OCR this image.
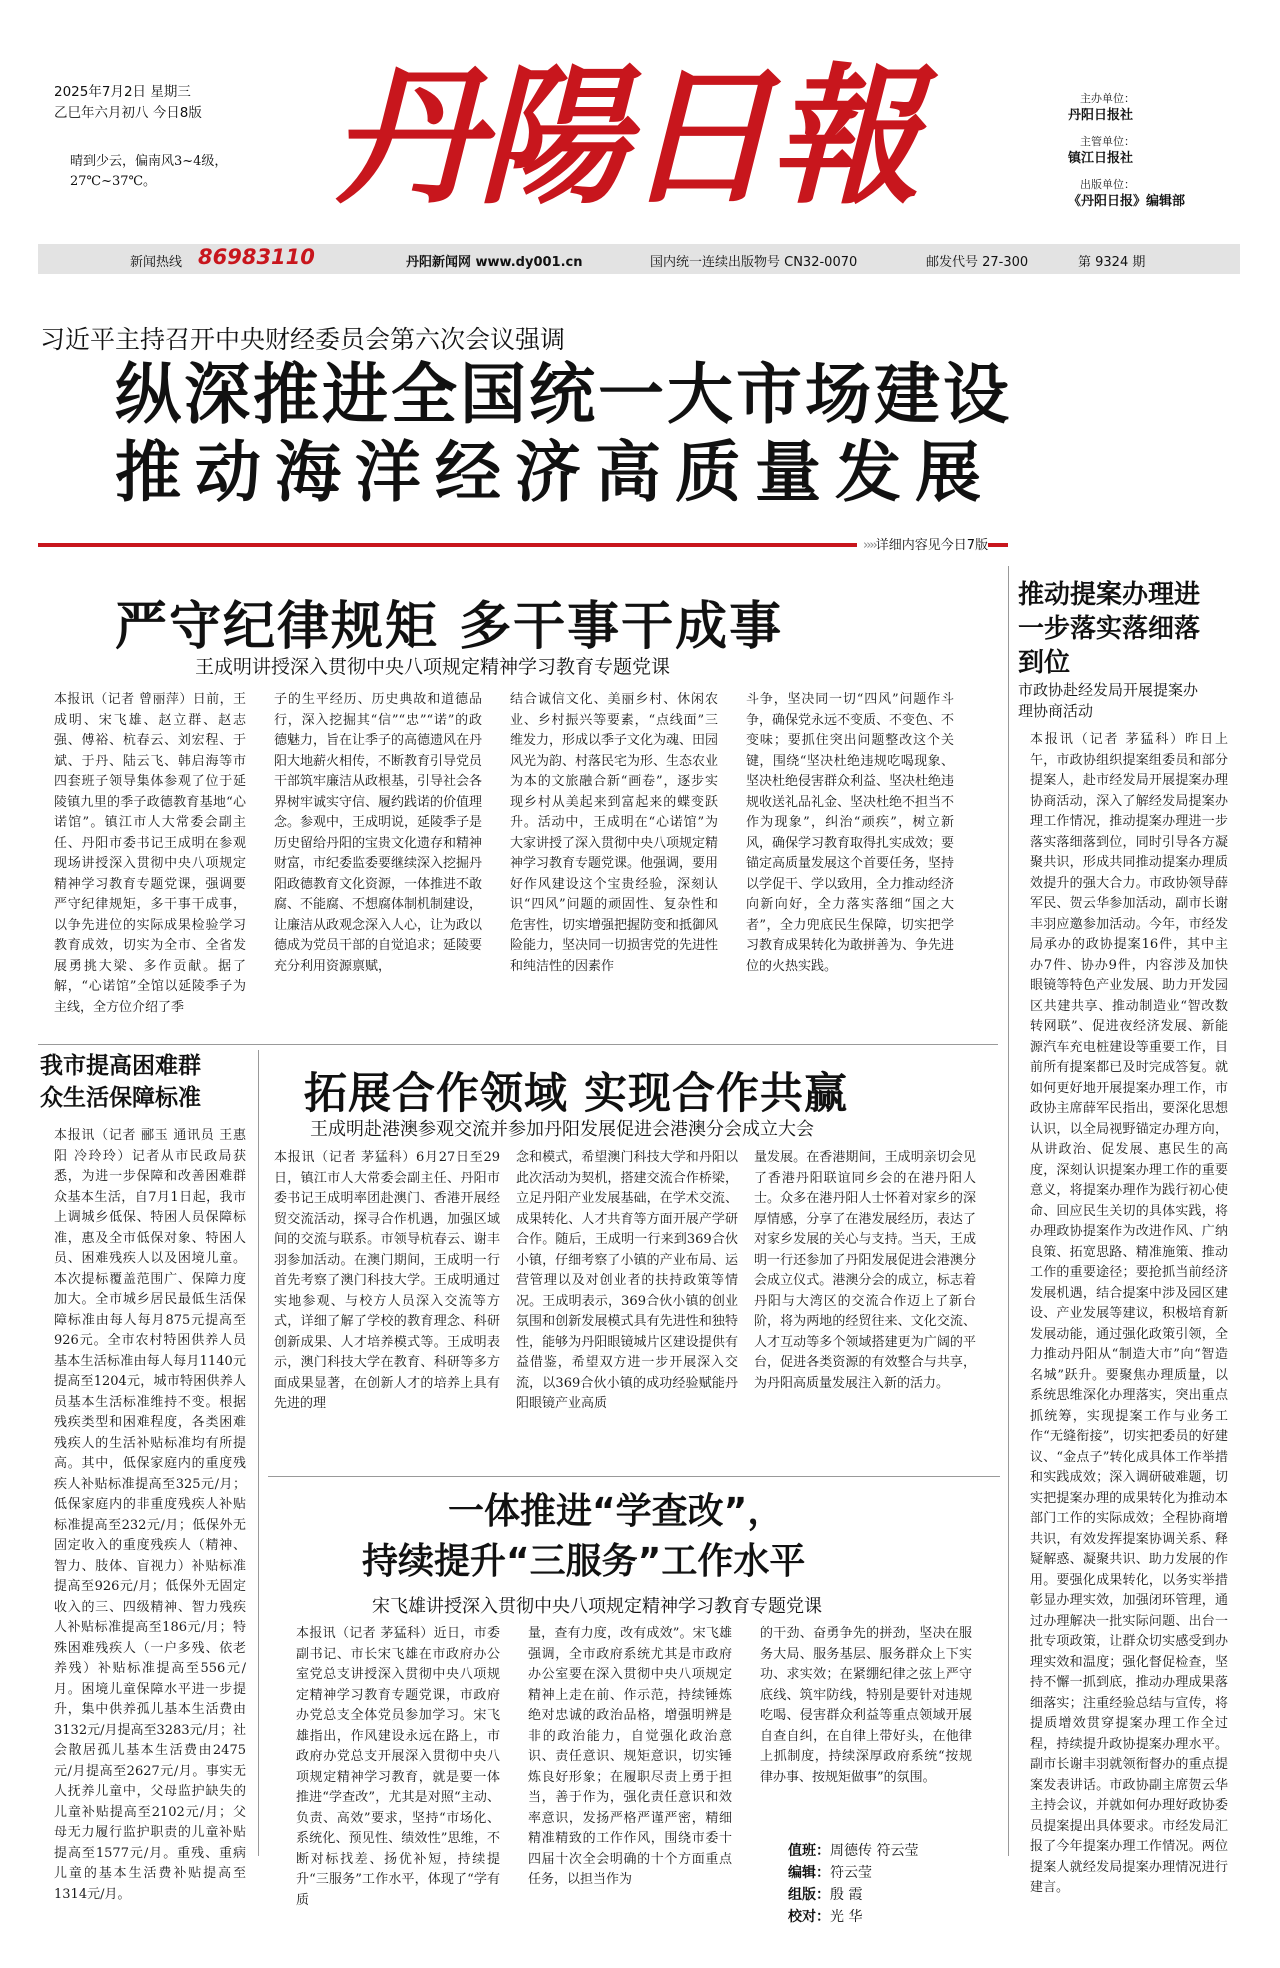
2025年7月2日 星期三
乙巳年六月初八 今日8版
晴到少云，偏南风3~4级，
27℃~37℃。	丹陽日報	主办单位：
丹阳日报社
主管单位：
镇江日报社
出版单位：
《丹阳日报》编辑部
新闻热线 86983110	丹阳新闻网 www.dy001.cn	国内统一连续出版物号 CN32-0070	邮发代号 27-300	第 9324 期
习近平主持召开中央财经委员会第六次会议强调
纵深推进全国统一大市场建设
推动海洋经济高质量发展
››››详细内容见今日7版
严守纪律规矩 多干事干成事
王成明讲授深入贯彻中央八项规定精神学习教育专题党课
本报讯（记者 曾丽萍）日前，王成明、宋飞雄、赵立群、赵志强、傅裕、杭春云、刘宏程、于斌、于丹、陆云飞、韩启海等市四套班子领导集体参观了位于延陵镇九里的季子政德教育基地“心诺馆”。镇江市人大常委会副主任、丹阳市委书记王成明在参观现场讲授深入贯彻中央八项规定精神学习教育专题党课，强调要严守纪律规矩，多干事干成事，以争先进位的实际成果检验学习教育成效，切实为全市、全省发展勇挑大梁、多作贡献。据了解，“心诺馆”全馆以延陵季子为主线，全方位介绍了季
子的生平经历、历史典故和道德品行，深入挖掘其“信”“忠”“诺”的政德魅力，旨在让季子的高德遗风在丹阳大地薪火相传，不断教育引导党员干部筑牢廉洁从政根基，引导社会各界树牢诚实守信、履约践诺的价值理念。参观中，王成明说，延陵季子是历史留给丹阳的宝贵文化遗存和精神财富，市纪委监委要继续深入挖掘丹阳政德教育文化资源，一体推进不敢腐、不能腐、不想腐体制机制建设，让廉洁从政观念深入人心，让为政以德成为党员干部的自觉追求；延陵要充分利用资源禀赋，
结合诚信文化、美丽乡村、休闲农业、乡村振兴等要素，“点线面”三维发力，形成以季子文化为魂、田园风光为韵、村落民宅为形、生态农业为本的文旅融合新“画卷”，逐步实现乡村从美起来到富起来的蝶变跃升。活动中，王成明在“心诺馆”为大家讲授了深入贯彻中央八项规定精神学习教育专题党课。他强调，要用好作风建设这个宝贵经验，深刻认识“四风”问题的顽固性、复杂性和危害性，切实增强把握防变和抵御风险能力，坚决同一切损害党的先进性和纯洁性的因素作
斗争，坚决同一切“四风”问题作斗争，确保党永远不变质、不变色、不变味；要抓住突出问题整改这个关键，围绕“坚决杜绝违规吃喝现象、坚决杜绝侵害群众利益、坚决杜绝违规收送礼品礼金、坚决杜绝不担当不作为现象”，纠治“顽疾”，树立新风，确保学习教育取得扎实成效；要锚定高质量发展这个首要任务，坚持以学促干、学以致用，全力推动经济向新向好，全力落实落细“国之大者”，全力兜底民生保障，切实把学习教育成果转化为敢拼善为、争先进位的火热实践。
推动提案办理进
一步落实落细落
到位
市政协赴经发局开展提案办
理协商活动
本报讯（记者 茅猛科）昨日上午，市政协组织提案组委员和部分提案人，赴市经发局开展提案办理协商活动，深入了解经发局提案办理工作情况，推动提案办理进一步落实落细落到位，同时引导各方凝聚共识，形成共同推动提案办理质效提升的强大合力。市政协领导薛军民、贺云华参加活动，副市长谢丰羽应邀参加活动。今年，市经发局承办的政协提案16件，其中主办7件、协办9件，内容涉及加快眼镜等特色产业发展、助力开发园区共建共享、推动制造业“智改数转网联”、促进夜经济发展、新能源汽车充电桩建设等重要工作，目前所有提案都已及时完成答复。就如何更好地开展提案办理工作，市政协主席薛军民指出，要深化思想认识，以全局视野锚定办理方向，从讲政治、促发展、惠民生的高度，深刻认识提案办理工作的重要意义，将提案办理作为践行初心使命、回应民生关切的具体实践，将办理政协提案作为改进作风、广纳良策、拓宽思路、精准施策、推动工作的重要途径；要抢抓当前经济发展机遇，结合提案中涉及园区建设、产业发展等建议，积极培育新发展动能，通过强化政策引领，全力推动丹阳从“制造大市”向“智造名城”跃升。要聚焦办理质量，以系统思维深化办理落实，突出重点抓统筹，实现提案工作与业务工作“无缝衔接”，切实把委员的好建议、“金点子”转化成具体工作举措和实践成效；深入调研破难题，切实把提案办理的成果转化为推动本部门工作的实际成效；全程协商增共识，有效发挥提案协调关系、释疑解惑、凝聚共识、助力发展的作用。要强化成果转化，以务实举措彰显办理实效，加强闭环管理，通过办理解决一批实际问题、出台一批专项政策，让群众切实感受到办理实效和温度；强化督促检查，坚持不懈一抓到底，推动办理成果落细落实；注重经验总结与宣传，将提质增效贯穿提案办理工作全过程，持续提升政协提案办理水平。副市长谢丰羽就领衔督办的重点提案发表讲话。市政协副主席贺云华主持会议，并就如何办理好政协委员提案提出具体要求。市经发局汇报了今年提案办理工作情况。两位提案人就经发局提案办理情况进行建言。
我市提高困难群
众生活保障标准
本报讯（记者 郦玉 通讯员 王惠阳 冷玲玲）记者从市民政局获悉，为进一步保障和改善困难群众基本生活，自7月1日起，我市上调城乡低保、特困人员保障标准，惠及全市低保对象、特困人员、困难残疾人以及困境儿童。本次提标覆盖范围广、保障力度加大。全市城乡居民最低生活保障标准由每人每月875元提高至926元。全市农村特困供养人员基本生活标准由每人每月1140元提高至1204元，城市特困供养人员基本生活标准维持不变。根据残疾类型和困难程度，各类困难残疾人的生活补贴标准均有所提高。其中，低保家庭内的重度残疾人补贴标准提高至325元/月；低保家庭内的非重度残疾人补贴标准提高至232元/月；低保外无固定收入的重度残疾人（精神、智力、肢体、盲视力）补贴标准提高至926元/月；低保外无固定收入的三、四级精神、智力残疾人补贴标准提高至186元/月；特殊困难残疾人（一户多残、依老养残）补贴标准提高至556元/月。困境儿童保障水平进一步提升，集中供养孤儿基本生活费由3132元/月提高至3283元/月；社会散居孤儿基本生活费由2475元/月提高至2627元/月。事实无人抚养儿童中，父母监护缺失的儿童补贴提高至2102元/月；父母无力履行监护职责的儿童补贴提高至1577元/月。重残、重病儿童的基本生活费补贴提高至1314元/月。
拓展合作领域 实现合作共赢
王成明赴港澳参观交流并参加丹阳发展促进会港澳分会成立大会
本报讯（记者 茅猛科）6月27日至29日，镇江市人大常委会副主任、丹阳市委书记王成明率团赴澳门、香港开展经贸交流活动，探寻合作机遇，加强区域间的交流与联系。市领导杭春云、谢丰羽参加活动。在澳门期间，王成明一行首先考察了澳门科技大学。王成明通过实地参观、与校方人员深入交流等方式，详细了解了学校的教育理念、科研创新成果、人才培养模式等。王成明表示，澳门科技大学在教育、科研等多方面成果显著，在创新人才的培养上具有先进的理
念和模式，希望澳门科技大学和丹阳以此次活动为契机，搭建交流合作桥梁，立足丹阳产业发展基础，在学术交流、成果转化、人才共育等方面开展产学研合作。随后，王成明一行来到369合伙小镇，仔细考察了小镇的产业布局、运营管理以及对创业者的扶持政策等情况。王成明表示，369合伙小镇的创业氛围和创新发展模式具有先进性和独特性，能够为丹阳眼镜城片区建设提供有益借鉴，希望双方进一步开展深入交流，以369合伙小镇的成功经验赋能丹阳眼镜产业高质
量发展。在香港期间，王成明亲切会见了香港丹阳联谊同乡会的在港丹阳人士。众多在港丹阳人士怀着对家乡的深厚情感，分享了在港发展经历，表达了对家乡发展的关心与支持。当天，王成明一行还参加了丹阳发展促进会港澳分会成立仪式。港澳分会的成立，标志着丹阳与大湾区的交流合作迈上了新台阶，将为两地的经贸往来、文化交流、人才互动等多个领域搭建更为广阔的平台，促进各类资源的有效整合与共享，为丹阳高质量发展注入新的活力。
一体推进“学查改”，
持续提升“三服务”工作水平
宋飞雄讲授深入贯彻中央八项规定精神学习教育专题党课
本报讯（记者 茅猛科）近日，市委副书记、市长宋飞雄在市政府办公室党总支讲授深入贯彻中央八项规定精神学习教育专题党课，市政府办党总支全体党员参加学习。宋飞雄指出，作风建设永远在路上，市政府办党总支开展深入贯彻中央八项规定精神学习教育，就是要一体推进“学查改”，尤其是对照“主动、负责、高效”要求，坚持“市场化、系统化、预见性、绩效性”思维，不断对标找差、扬优补短，持续提升“三服务”工作水平，体现了“学有质
量，查有力度，改有成效”。宋飞雄强调，全市政府系统尤其是市政府办公室要在深入贯彻中央八项规定精神上走在前、作示范，持续锤炼绝对忠诚的政治品格，增强明辨是非的政治能力，自觉强化政治意识、责任意识、规矩意识，切实锤炼良好形象；在履职尽责上勇于担当，善于作为，强化责任意识和效率意识，发扬严格严谨严密，精细精准精致的工作作风，围绕市委十四届十次全会明确的十个方面重点任务，以担当作为
的干劲、奋勇争先的拼劲，坚决在服务大局、服务基层、服务群众上下实功、求实效；在紧绷纪律之弦上严守底线、筑牢防线，特别是要针对违规吃喝、侵害群众利益等重点领域开展自查自纠，在自律上带好头，在他律上抓制度，持续深厚政府系统“按规律办事、按规矩做事”的氛围。
值班：周德传 符云莹
编辑：符云莹
组版：殷 霞
校对：光 华
